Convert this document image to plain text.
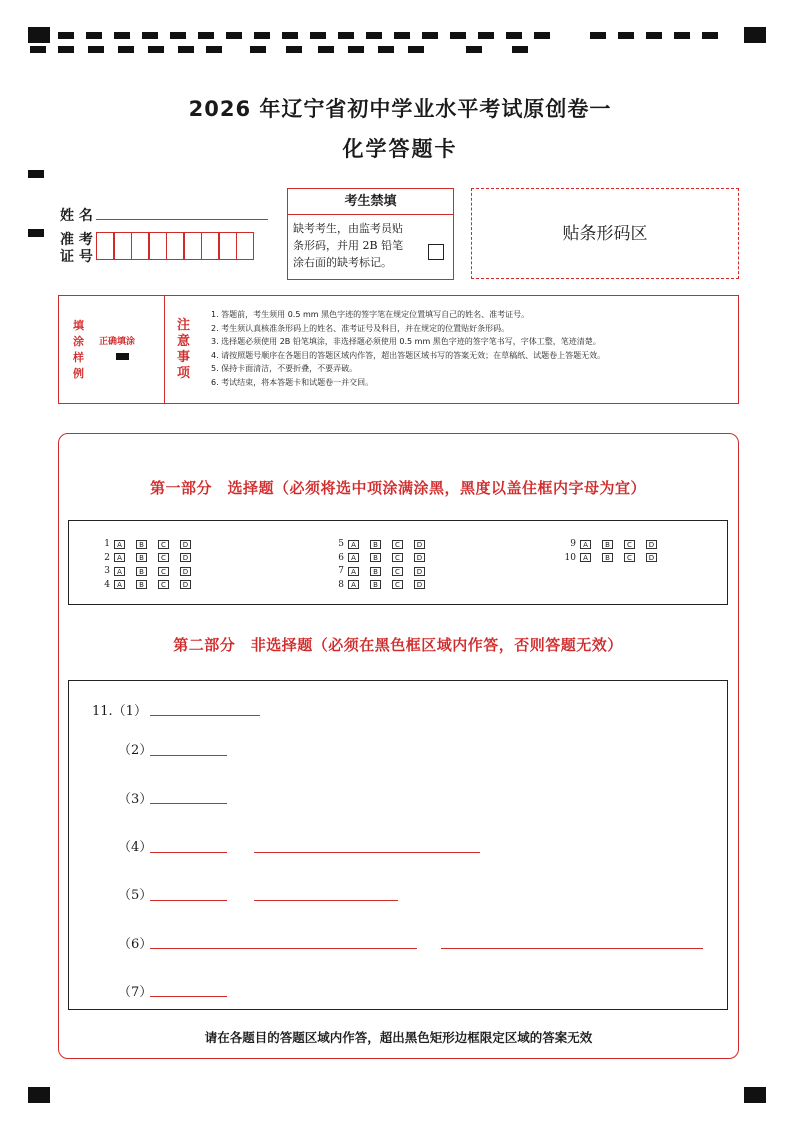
2026 年辽宁省初中学业水平考试原创卷一
化学答题卡
姓 名
准 考
证 号
考生禁填
缺考考生，由监考员贴
条形码，并用 2B 铅笔
涂右面的缺考标记。
贴条形码区
填
涂
样
例
正确填涂
注
意
事
项
1. 答题前，考生须用 0.5 mm 黑色字迹的签字笔在规定位置填写自己的姓名、准考证号。
2. 考生须认真核准条形码上的姓名、准考证号及科目，并在规定的位置贴好条形码。
3. 选择题必须使用 2B 铅笔填涂，非选择题必须使用 0.5 mm 黑色字迹的签字笔书写，字体工整，笔迹清楚。
4. 请按照题号顺序在各题目的答题区域内作答，超出答题区域书写的答案无效；在草稿纸、试题卷上答题无效。
5. 保持卡面清洁，不要折叠，不要弄破。
6. 考试结束，将本答题卡和试题卷一并交回。
第一部分　选择题（必须将选中项涂满涂黑，黑度以盖住框内字母为宜）
1	A	B	C	D
2	A	B	C	D
3	A	B	C	D
4	A	B	C	D
5	A	B	C	D
6	A	B	C	D
7	A	B	C	D
8	A	B	C	D
9	A	B	C	D
10	A	B	C	D
第二部分　非选择题（必须在黑色框区域内作答，否则答题无效）
11.（1）
（2）
（3）
（4）
（5）
（6）
（7）
请在各题目的答题区域内作答，超出黑色矩形边框限定区域的答案无效
